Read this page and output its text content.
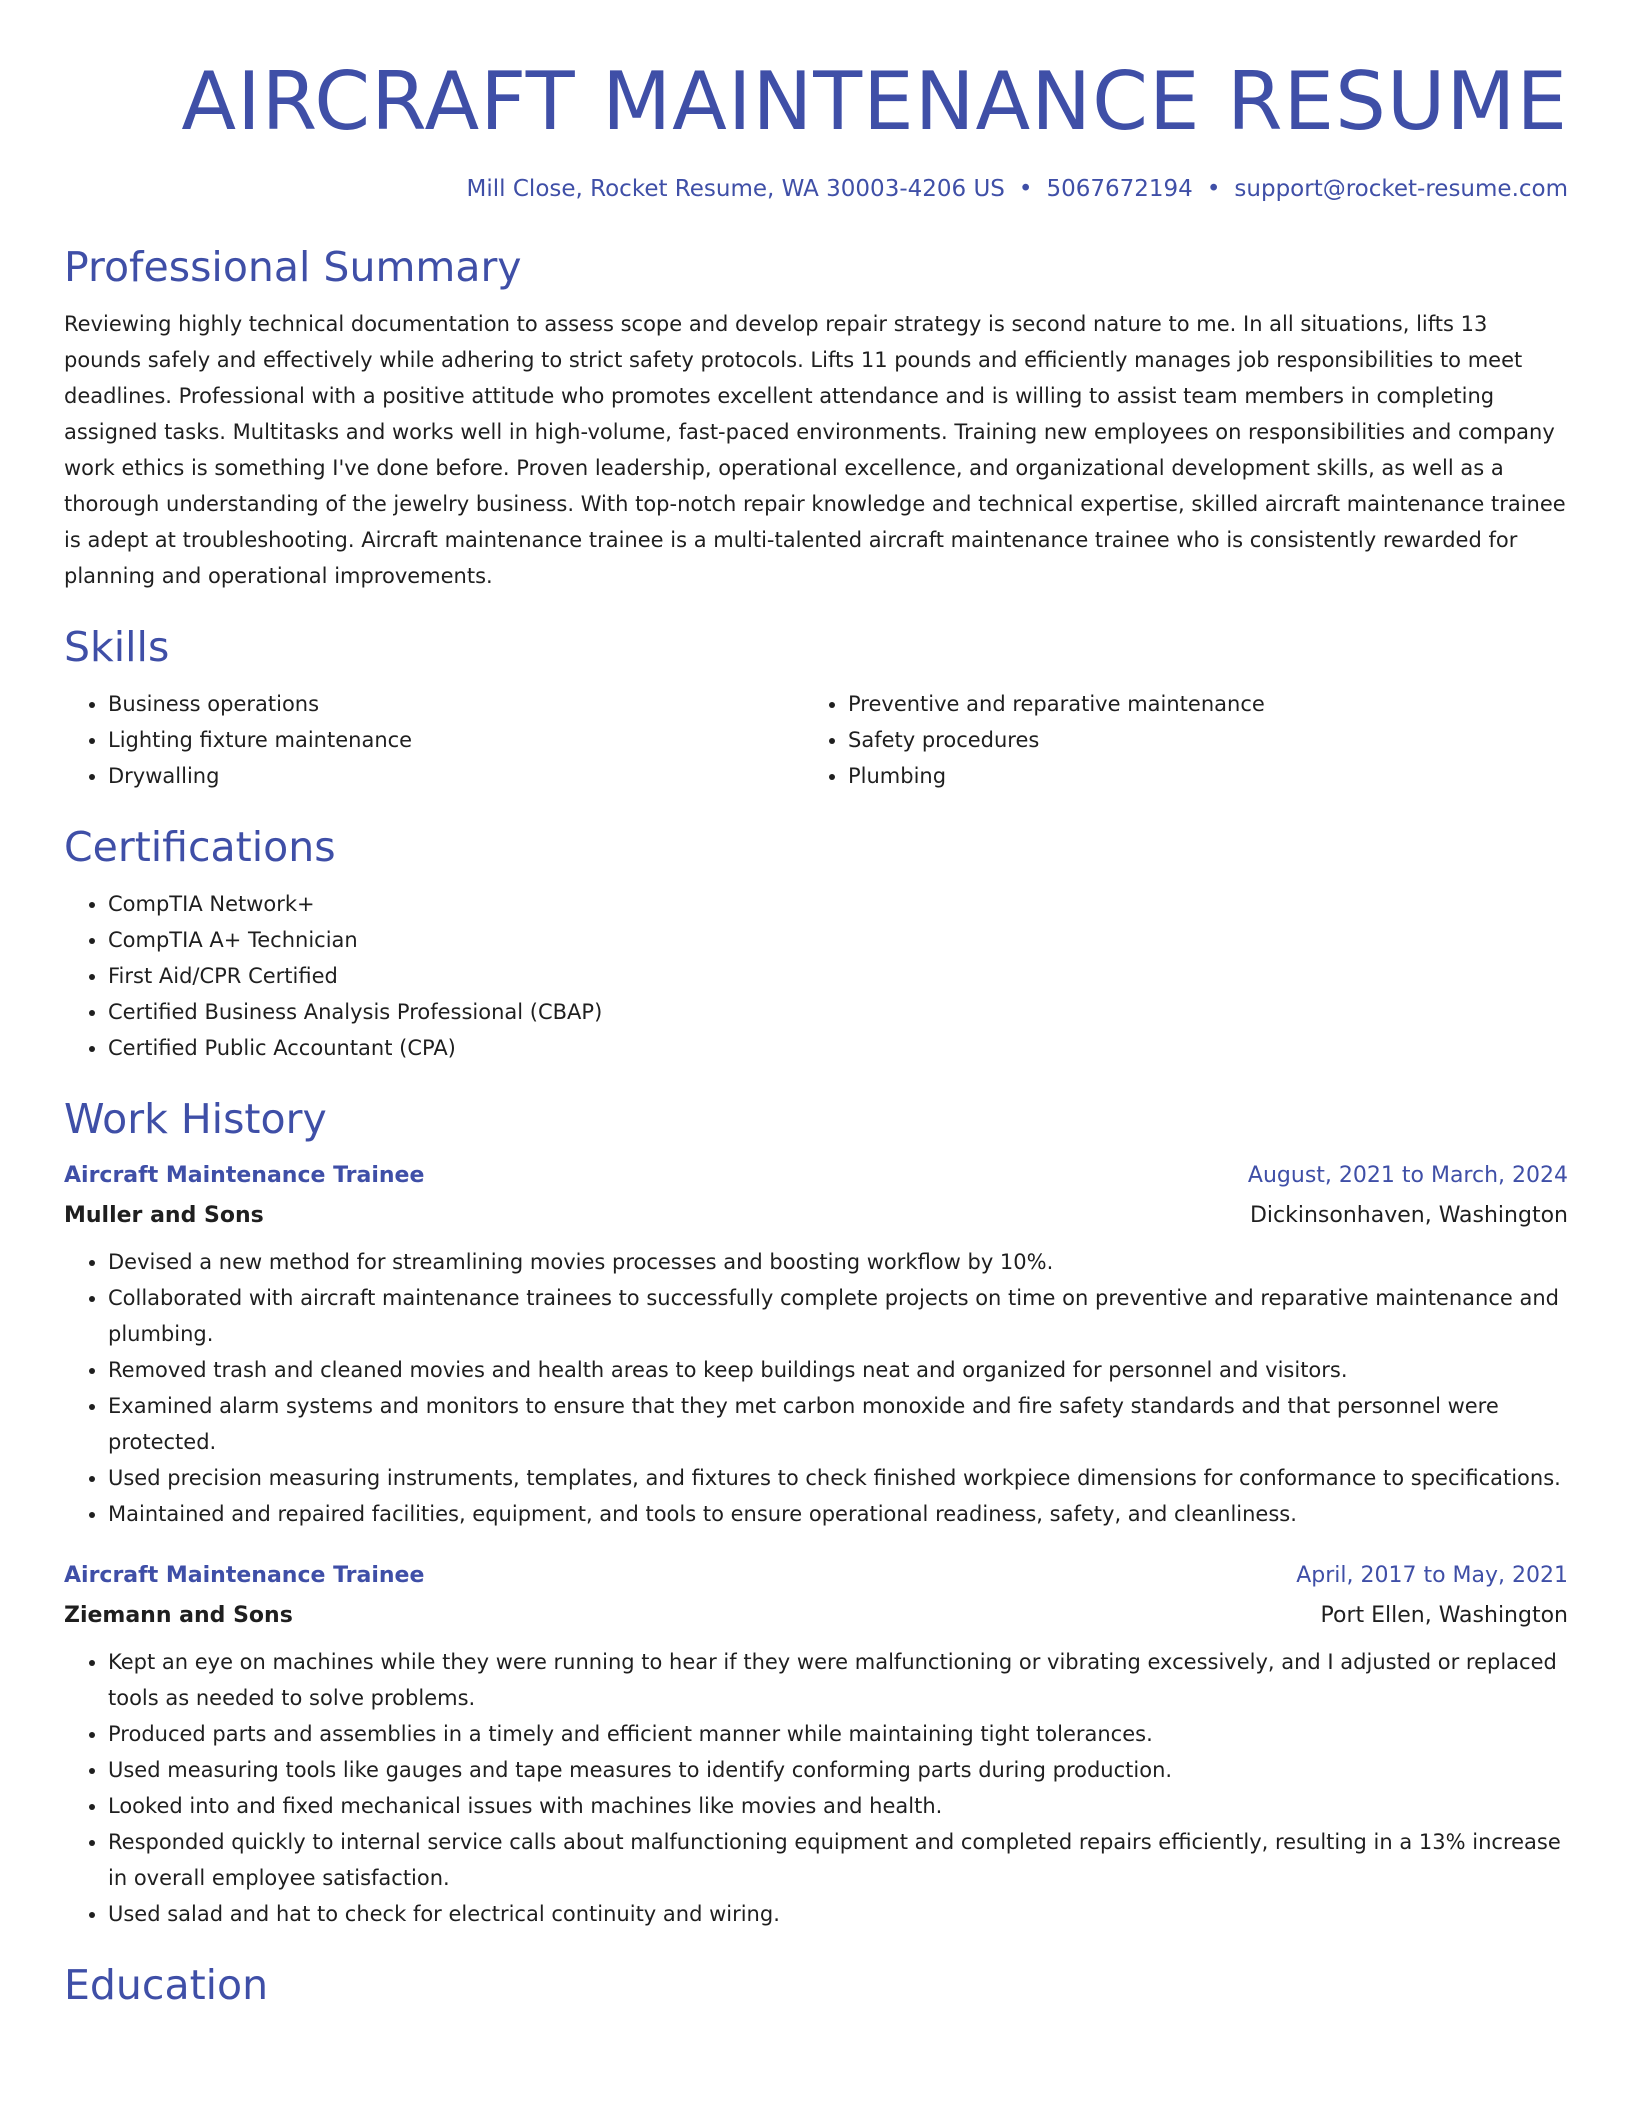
AIRCRAFT MAINTENANCE RESUME
Mill Close, Rocket Resume, WA 30003-4206 US • 5067672194 • support@rocket-resume.com
Professional Summary
Reviewing highly technical documentation to assess scope and develop repair strategy is second nature to me. In all situations, lifts 13 pounds safely and effectively while adhering to strict safety protocols. Lifts 11 pounds and efficiently manages job responsibilities to meet deadlines. Professional with a positive attitude who promotes excellent attendance and is willing to assist team members in completing assigned tasks. Multitasks and works well in high-volume, fast-paced environments. Training new employees on responsibilities and company work ethics is something I've done before. Proven leadership, operational excellence, and organizational development skills, as well as a thorough understanding of the jewelry business. With top-notch repair knowledge and technical expertise, skilled aircraft maintenance trainee is adept at troubleshooting. Aircraft maintenance trainee is a multi-talented aircraft maintenance trainee who is consistently rewarded for planning and operational improvements.
Skills
• Business operations
• Lighting fixture maintenance
• Drywalling
• Preventive and reparative maintenance
• Safety procedures
• Plumbing
Certifications
• CompTIA Network+
• CompTIA A+ Technician
• First Aid/CPR Certified
• Certified Business Analysis Professional (CBAP)
• Certified Public Accountant (CPA)
Work History
Aircraft Maintenance Trainee	August, 2021 to March, 2024
Muller and Sons	Dickinsonhaven, Washington
• Devised a new method for streamlining movies processes and boosting workflow by 10%.
• Collaborated with aircraft maintenance trainees to successfully complete projects on time on preventive and reparative maintenance and plumbing.
• Removed trash and cleaned movies and health areas to keep buildings neat and organized for personnel and visitors.
• Examined alarm systems and monitors to ensure that they met carbon monoxide and fire safety standards and that personnel were protected.
• Used precision measuring instruments, templates, and fixtures to check finished workpiece dimensions for conformance to specifications.
• Maintained and repaired facilities, equipment, and tools to ensure operational readiness, safety, and cleanliness.
Aircraft Maintenance Trainee	April, 2017 to May, 2021
Ziemann and Sons	Port Ellen, Washington
• Kept an eye on machines while they were running to hear if they were malfunctioning or vibrating excessively, and I adjusted or replaced tools as needed to solve problems.
• Produced parts and assemblies in a timely and efficient manner while maintaining tight tolerances.
• Used measuring tools like gauges and tape measures to identify conforming parts during production.
• Looked into and fixed mechanical issues with machines like movies and health.
• Responded quickly to internal service calls about malfunctioning equipment and completed repairs efficiently, resulting in a 13% increase in overall employee satisfaction.
• Used salad and hat to check for electrical continuity and wiring.
Education
